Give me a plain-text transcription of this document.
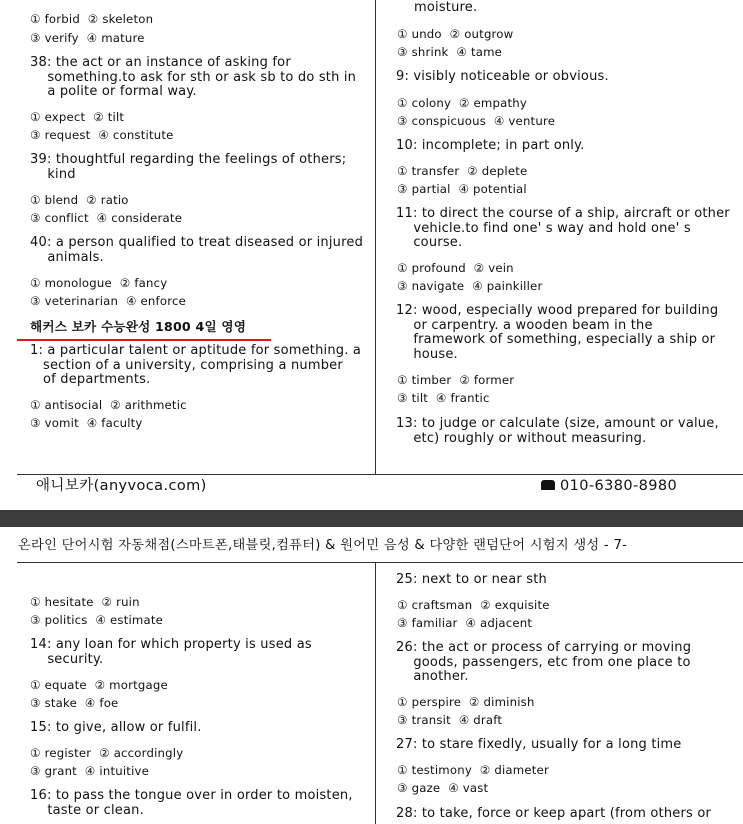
① forbid  ② skeleton
③ verify  ④ mature
38: the act or an instance of asking for
something.to ask for sth or ask sb to do sth in
a polite or formal way.
① expect  ② tilt
③ request  ④ constitute
39: thoughtful regarding the feelings of others;
kind
① blend  ② ratio
③ conflict  ④ considerate
40: a person qualified to treat diseased or injured
animals.
① monologue  ② fancy
③ veterinarian  ④ enforce
해커스 보카 수능완성 1800 4일 영영
1: a particular talent or aptitude for something. a
section of a university, comprising a number
of departments.
① antisocial  ② arithmetic
③ vomit  ④ faculty
moisture.
① undo  ② outgrow
③ shrink  ④ tame
9: visibly noticeable or obvious.
① colony  ② empathy
③ conspicuous  ④ venture
10: incomplete; in part only.
① transfer  ② deplete
③ partial  ④ potential
11: to direct the course of a ship, aircraft or other
vehicle.to find one' s way and hold one' s
course.
① profound  ② vein
③ navigate  ④ painkiller
12: wood, especially wood prepared for building
or carpentry. a wooden beam in the
framework of something, especially a ship or
house.
① timber  ② former
③ tilt  ④ frantic
13: to judge or calculate (size, amount or value,
etc) roughly or without measuring.
애니보카(anyvoca.com)	010-6380-8980
온라인 단어시험 자동채점(스마트폰,태블릿,컴퓨터) & 원어민 음성 & 다양한 랜덤단어 시험지 생성 - 7-
① hesitate  ② ruin
③ politics  ④ estimate
14: any loan for which property is used as
security.
① equate  ② mortgage
③ stake  ④ foe
15: to give, allow or fulfil.
① register  ② accordingly
③ grant  ④ intuitive
16: to pass the tongue over in order to moisten,
taste or clean.
25: next to or near sth
① craftsman  ② exquisite
③ familiar  ④ adjacent
26: the act or process of carrying or moving
goods, passengers, etc from one place to
another.
① perspire  ② diminish
③ transit  ④ draft
27: to stare fixedly, usually for a long time
① testimony  ② diameter
③ gaze  ④ vast
28: to take, force or keep apart (from others or
